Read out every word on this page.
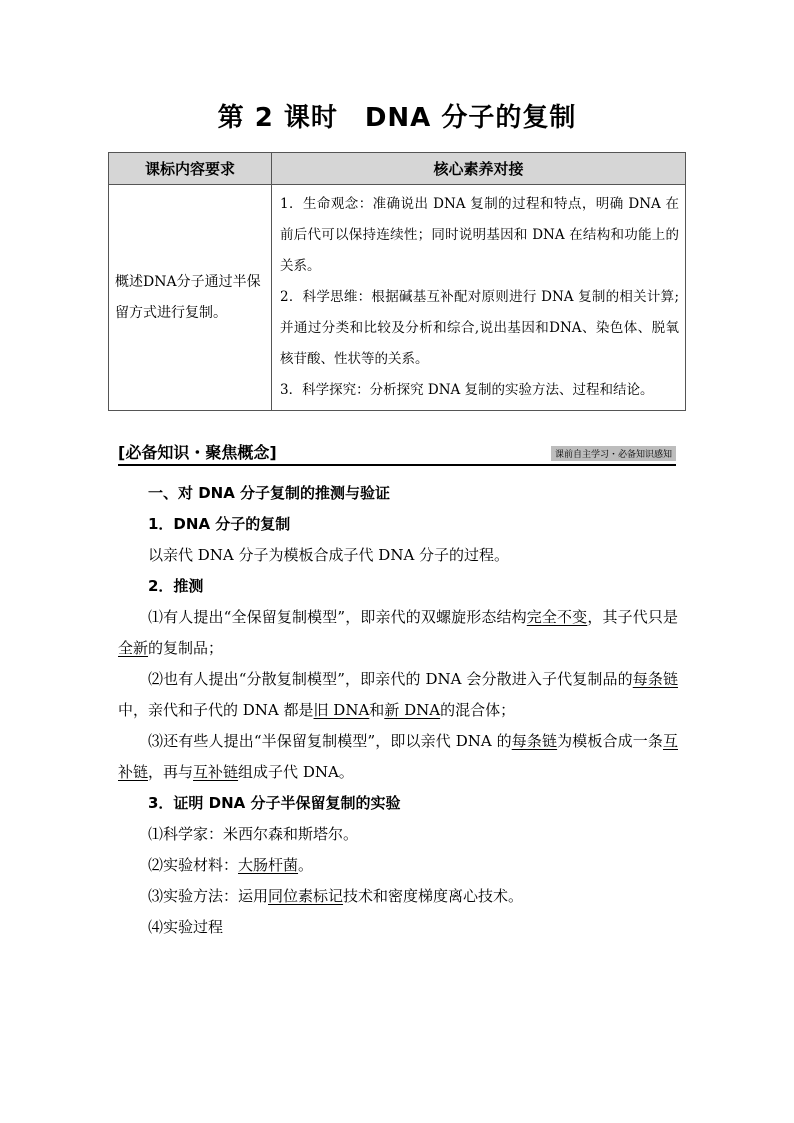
第 2 课时　DNA 分子的复制
课标内容要求	核心素养对接
概述DNA分子通过半保留方式进行复制。	1．生命观念：准确说出 DNA 复制的过程和特点，明确 DNA 在前后代可以保持连续性；同时说明基因和 DNA 在结构和功能上的关系。
2．科学思维：根据碱基互补配对原则进行 DNA 复制的相关计算;并通过分类和比较及分析和综合,说出基因和DNA、染色体、脱氧核苷酸、性状等的关系。
3．科学探究：分析探究 DNA 复制的实验方法、过程和结论。
[必备知识・聚焦概念]	课前自主学习・必备知识感知

一、对 DNA 分子复制的推测与验证

1．DNA 分子的复制

以亲代 DNA 分子为模板合成子代 DNA 分子的过程。

2．推测

⑴有人提出“全保留复制模型”，即亲代的双螺旋形态结构完全不变，其子代只是全新的复制品；

⑵也有人提出“分散复制模型”，即亲代的 DNA 会分散进入子代复制品的每条链中，亲代和子代的 DNA 都是旧 DNA和新 DNA的混合体；

⑶还有些人提出“半保留复制模型”，即以亲代 DNA 的每条链为模板合成一条互补链，再与互补链组成子代 DNA。

3．证明 DNA 分子半保留复制的实验

⑴科学家：米西尔森和斯塔尔。

⑵实验材料：大肠杆菌。

⑶实验方法：运用同位素标记技术和密度梯度离心技术。

⑷实验过程
